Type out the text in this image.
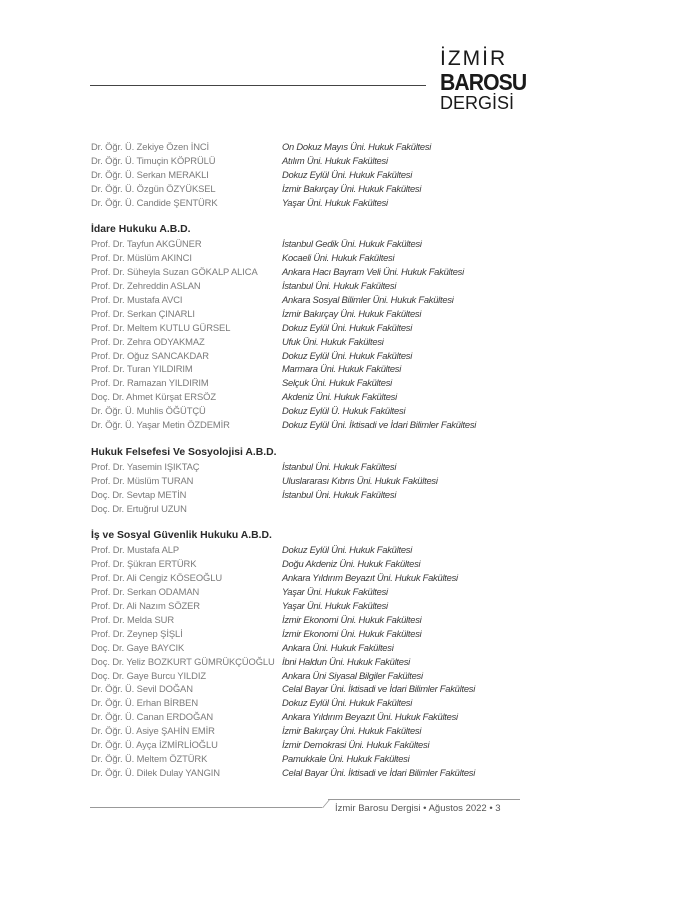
İZMİR
BAROSU
DERGİSİ
Dr. Öğr. Ü. Zekiye Özen İNCİ	On Dokuz Mayıs Üni. Hukuk Fakültesi
Dr. Öğr. Ü. Timuçin KÖPRÜLÜ	Atılım Üni. Hukuk Fakültesi
Dr. Öğr. Ü. Serkan MERAKLI	Dokuz Eylül Üni. Hukuk Fakültesi
Dr. Öğr. Ü. Özgün ÖZYÜKSEL	İzmir Bakırçay Üni. Hukuk Fakültesi
Dr. Öğr. Ü. Candide ŞENTÜRK	Yaşar Üni. Hukuk Fakültesi
İdare Hukuku A.B.D.
Prof. Dr. Tayfun AKGÜNER	İstanbul Gedik Üni. Hukuk Fakültesi
Prof. Dr. Müslüm AKINCI	Kocaeli Üni. Hukuk Fakültesi
Prof. Dr. Süheyla Suzan GÖKALP ALICA	Ankara Hacı Bayram Veli Üni. Hukuk Fakültesi
Prof. Dr. Zehreddin ASLAN	İstanbul Üni. Hukuk Fakültesi
Prof. Dr. Mustafa AVCI	Ankara Sosyal Bilimler Üni. Hukuk Fakültesi
Prof. Dr. Serkan ÇINARLI	İzmir Bakırçay Üni. Hukuk Fakültesi
Prof. Dr. Meltem KUTLU GÜRSEL	Dokuz Eylül Üni. Hukuk Fakültesi
Prof. Dr. Zehra ODYAKMAZ	Ufuk Üni. Hukuk Fakültesi
Prof. Dr. Oğuz SANCAKDAR	Dokuz Eylül Üni. Hukuk Fakültesi
Prof. Dr. Turan YILDIRIM	Marmara Üni. Hukuk Fakültesi
Prof. Dr. Ramazan YILDIRIM	Selçuk Üni. Hukuk Fakültesi
Doç. Dr. Ahmet Kürşat ERSÖZ	Akdeniz Üni. Hukuk Fakültesi
Dr. Öğr. Ü. Muhlis ÖĞÜTÇÜ	Dokuz Eylül Ü. Hukuk Fakültesi
Dr. Öğr. Ü. Yaşar Metin ÖZDEMİR	Dokuz Eylül Üni. İktisadi ve İdari Bilimler Fakültesi
Hukuk Felsefesi Ve Sosyolojisi A.B.D.
Prof. Dr. Yasemin IŞIKTAÇ	İstanbul Üni. Hukuk Fakültesi
Prof. Dr. Müslüm TURAN	Uluslararası Kıbrıs Üni. Hukuk Fakültesi
Doç. Dr. Sevtap METİN	İstanbul Üni. Hukuk Fakültesi
Doç. Dr. Ertuğrul UZUN
İş ve Sosyal Güvenlik Hukuku A.B.D.
Prof. Dr. Mustafa ALP	Dokuz Eylül Üni. Hukuk Fakültesi
Prof. Dr. Şükran ERTÜRK	Doğu Akdeniz Üni. Hukuk Fakültesi
Prof. Dr. Ali Cengiz KÖSEOĞLU	Ankara Yıldırım Beyazıt Üni. Hukuk Fakültesi
Prof. Dr. Serkan ODAMAN	Yaşar Üni. Hukuk Fakültesi
Prof. Dr. Ali Nazım SÖZER	Yaşar Üni. Hukuk Fakültesi
Prof. Dr. Melda SUR	İzmir Ekonomi Üni. Hukuk Fakültesi
Prof. Dr. Zeynep ŞİŞLİ	İzmir Ekonomi Üni. Hukuk Fakültesi
Doç. Dr. Gaye BAYCIK	Ankara Üni. Hukuk Fakültesi
Doç. Dr. Yeliz BOZKURT GÜMRÜKÇÜOĞLU İbni Haldun Üni. Hukuk Fakültesi
Doç. Dr. Gaye Burcu YILDIZ	Ankara Üni Siyasal Bilgiler Fakültesi
Dr. Öğr. Ü. Sevil DOĞAN	Celal Bayar Üni. İktisadi ve İdari Bilimler Fakültesi
Dr. Öğr. Ü. Erhan BİRBEN	Dokuz Eylül Üni. Hukuk Fakültesi
Dr. Öğr. Ü. Canan ERDOĞAN	Ankara Yıldırım Beyazıt Üni. Hukuk Fakültesi
Dr. Öğr. Ü. Asiye ŞAHİN EMİR	İzmir Bakırçay Üni. Hukuk Fakültesi
Dr. Öğr. Ü. Ayça İZMİRLİOĞLU	İzmir Demokrasi Üni. Hukuk Fakültesi
Dr. Öğr. Ü. Meltem ÖZTÜRK	Pamukkale Üni. Hukuk Fakültesi
Dr. Öğr. Ü. Dilek Dulay YANGIN	Celal Bayar Üni. İktisadi ve İdari Bilimler Fakültesi
İzmir Barosu Dergisi • Ağustos 2022 • 3
